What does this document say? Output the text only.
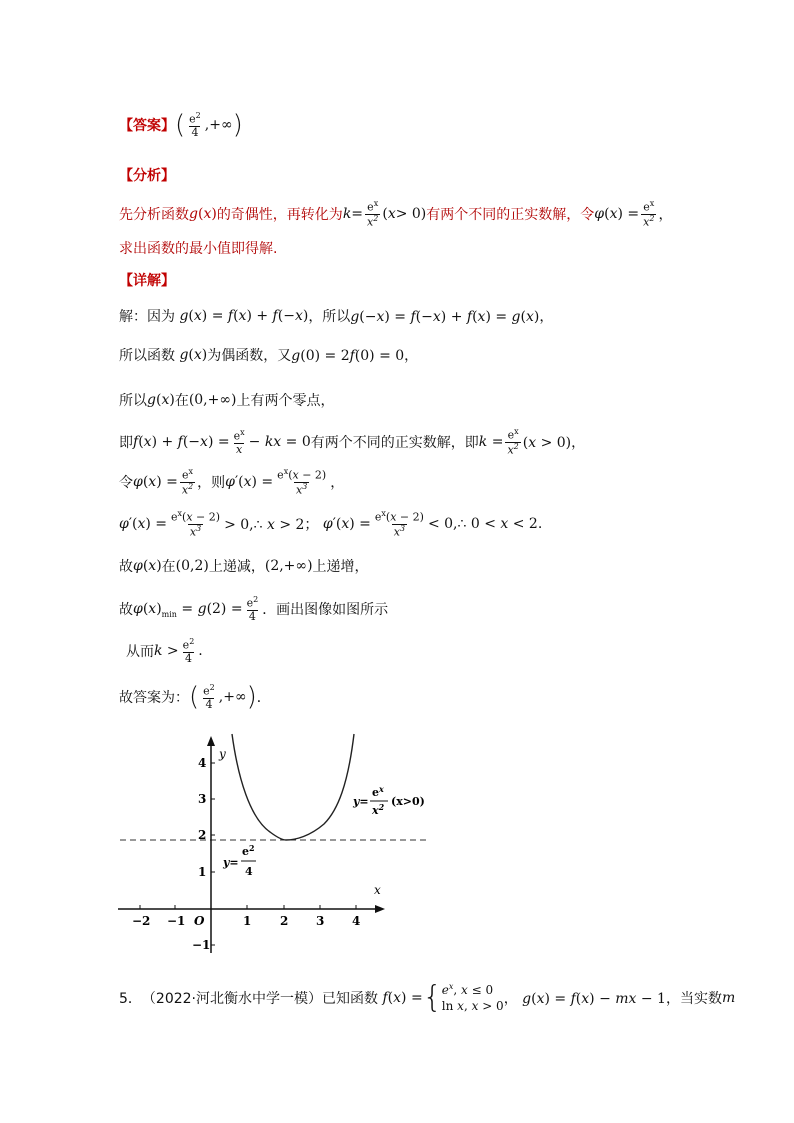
【答案】 ( $\frac{e^2}{4}$ ,+∞ )
【分析】
先分析函数 g ( x ) 的奇偶性，再转化为 $k = \frac{e^x}{x^2}$ ( x > 0) 有两个不同的正实数解，令 φ ( x ) = $\frac{e^x}{x^2}$ ，
求出函数的最小值即得解.
【详解】
解：因为 g(x) = f(x) + f(−x) ，所以 g(−x) = f(−x) + f(x) = g(x)，
所以函数 g(x) 为偶函数，又 g(0) = 2f(0) = 0，
所以 g(x) 在 (0,+∞) 上有两个零点，
即 $f(x) + f(-x) = \frac{e^x}{x}$ − kx = 0 有两个不同的正实数解，即 $k = \frac{e^x}{x^2} (x > 0)$，
令 $\varphi(x) = \frac{e^x}{x^2}$ ，则 $\varphi'(x) = \frac{e^x(x - 2)}{x^3}$ ，
$\varphi'(x) = \frac{e^x(x - 2)}{x^3}$ > 0,∴ x > 2； $\varphi'(x) = \frac{e^x(x - 2)}{x^3}$ < 0,∴ 0 < x < 2.
故 φ(x) 在 (0,2) 上递减， (2,+∞) 上递增，
故 $\varphi(x)_{min} = g(2) = \frac{e^2}{4}$ ．画出图像如图所示
从而 $k > \frac{e^2}{4}$ .
故答案为： ( $\frac{e^2}{4}$ ,+∞ ) ．
−2 −1 O	1 2 3 4
4
3
2
1
−1
y
x
y=
$e^x$
$x^2$ (x>0)
y=
$e^2$
4
5． （2022·河北衡水中学一模）已知函数 f(x) = { $e^x$, x ≤ 0
ln x, x > 0 ， g(x) = f(x) − mx − 1 ，当实数 m
